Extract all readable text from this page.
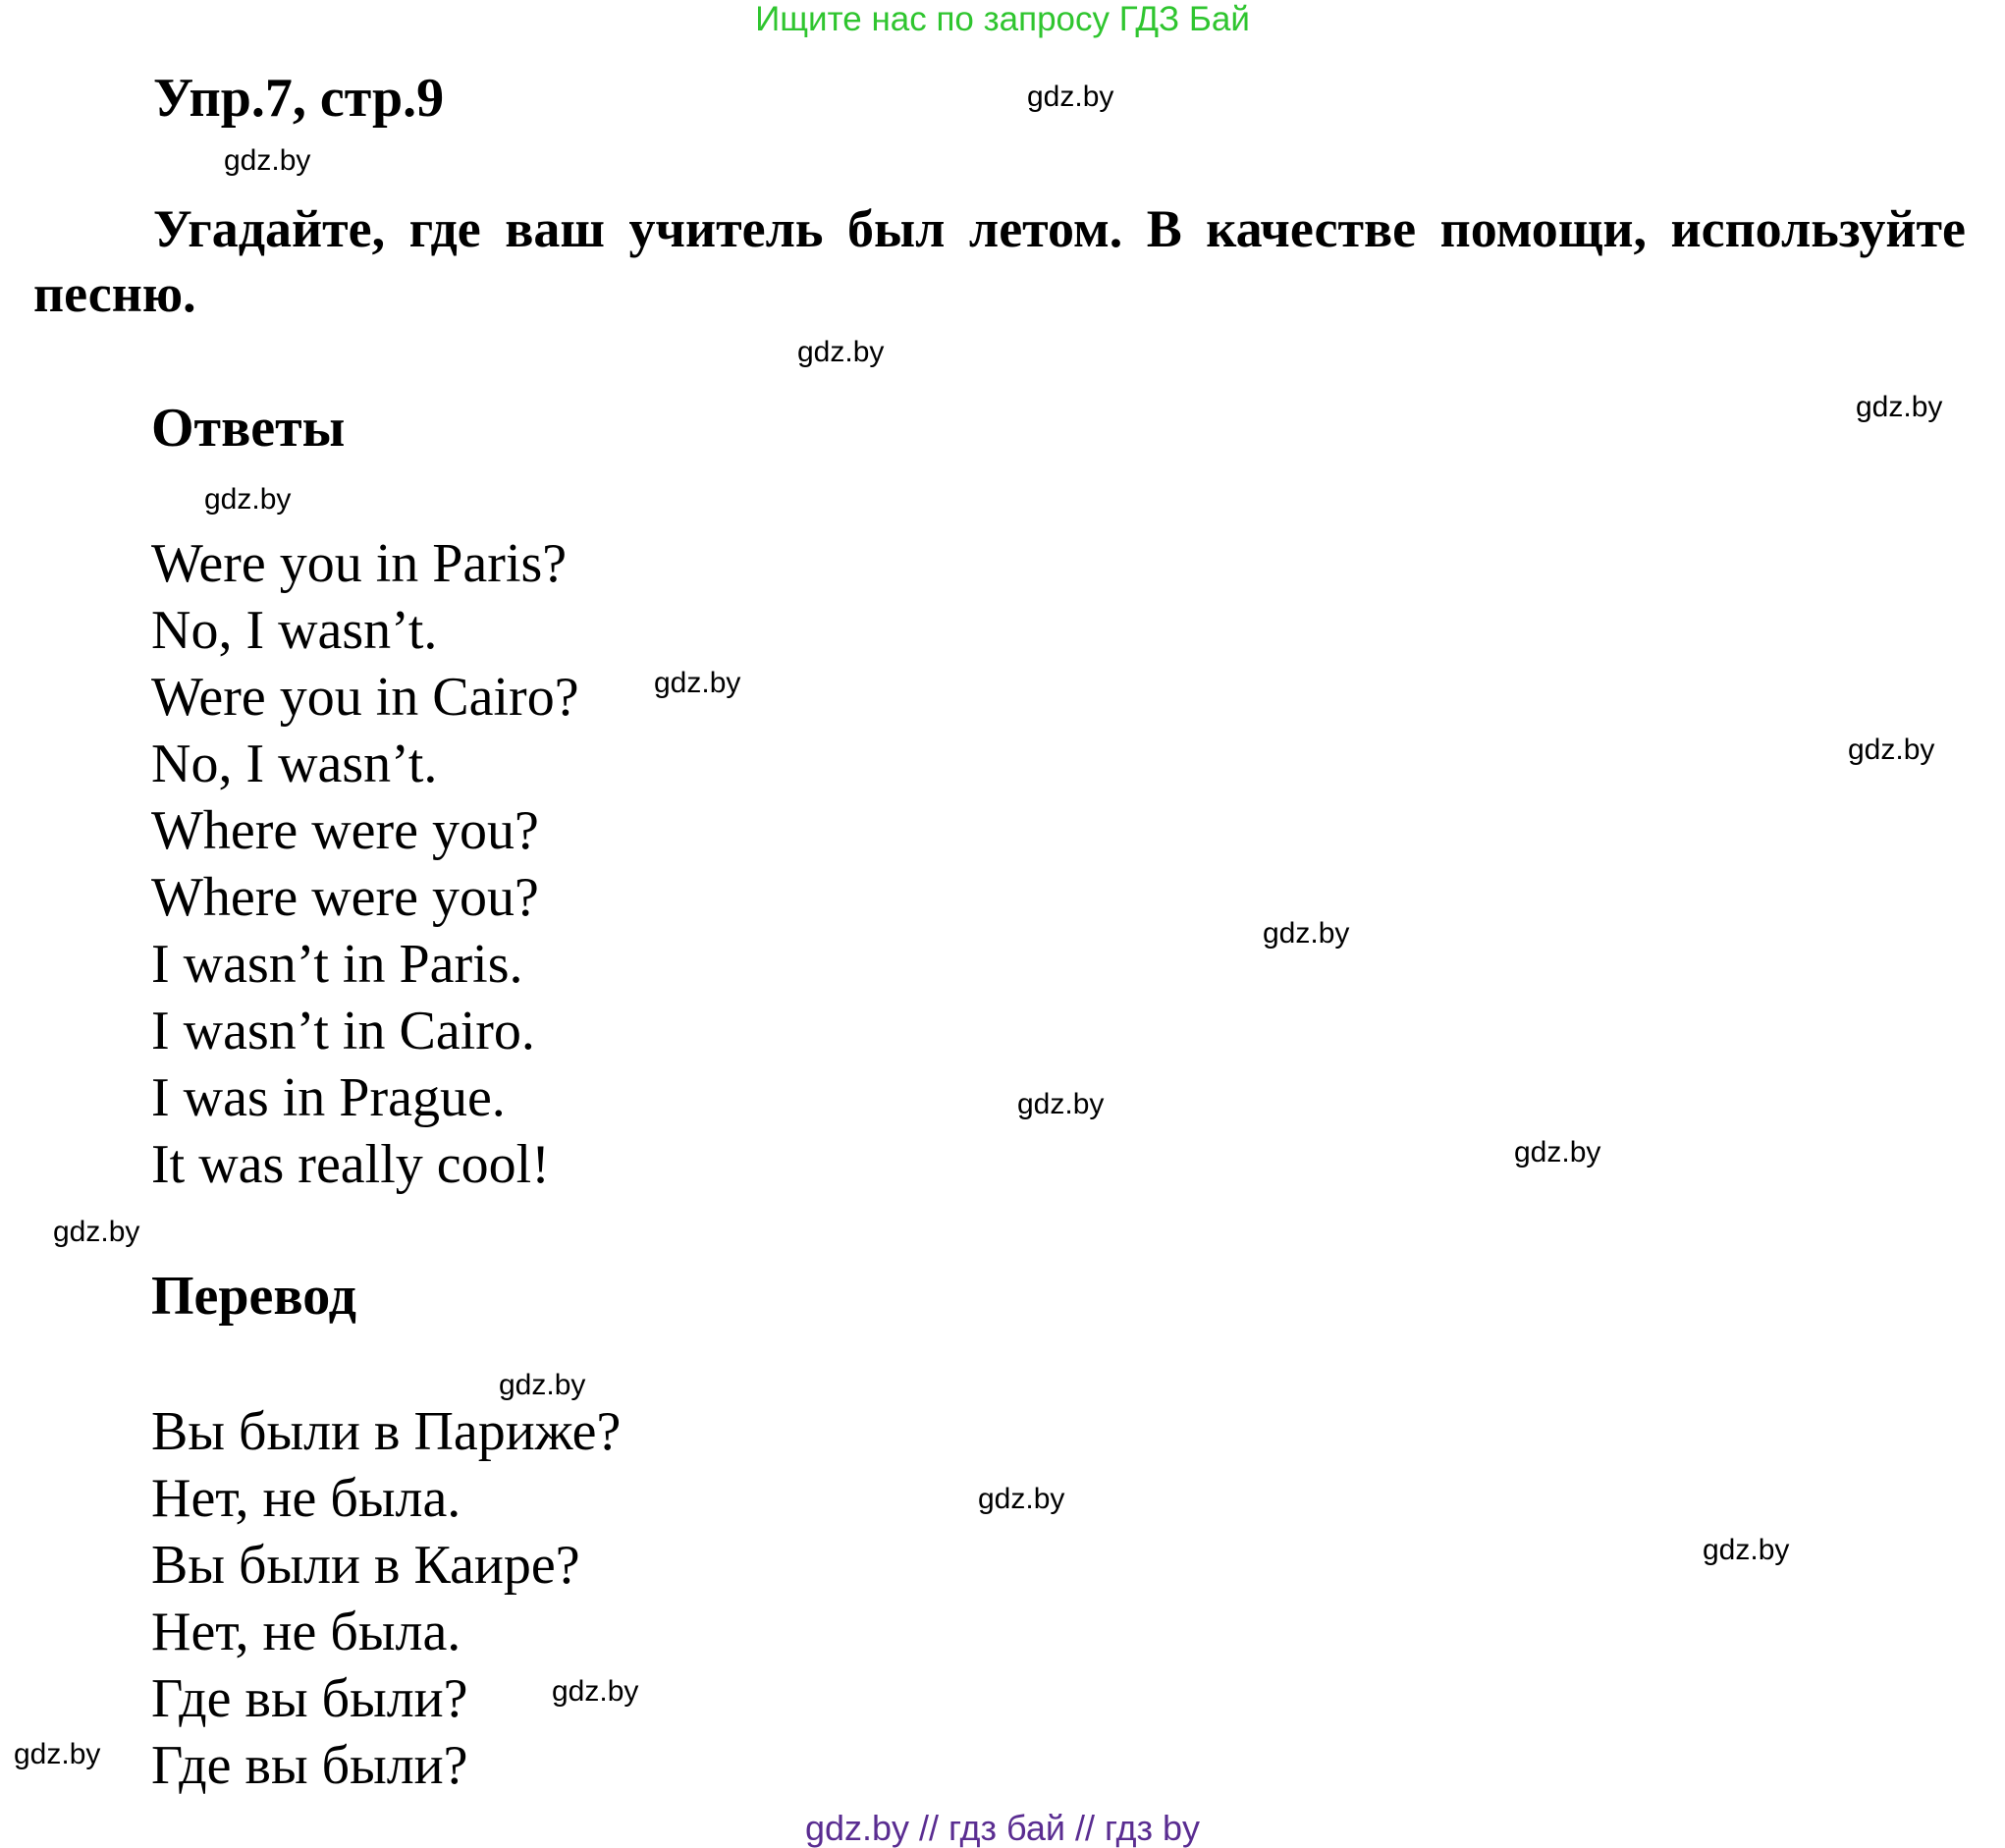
Ищите нас по запросу ГДЗ Бай
Упр.7, стр.9
Угадайте, где ваш учитель был летом. В качестве помощи, используйте песню.
Ответы
Were you in Paris?
No, I wasn’t.
Were you in Cairo?
No, I wasn’t.
Where were you?
Where were you?
I wasn’t in Paris.
I wasn’t in Cairo.
I was in Prague.
It was really cool!
Перевод
Вы были в Париже?
Нет, не была.
Вы были в Каире?
Нет, не была.
Где вы были?
Где вы были?
gdz.by
gdz.by
gdz.by
gdz.by
gdz.by
gdz.by
gdz.by
gdz.by
gdz.by
gdz.by
gdz.by
gdz.by
gdz.by
gdz.by
gdz.by
gdz.by
gdz.by // гдз бай // гдз by
